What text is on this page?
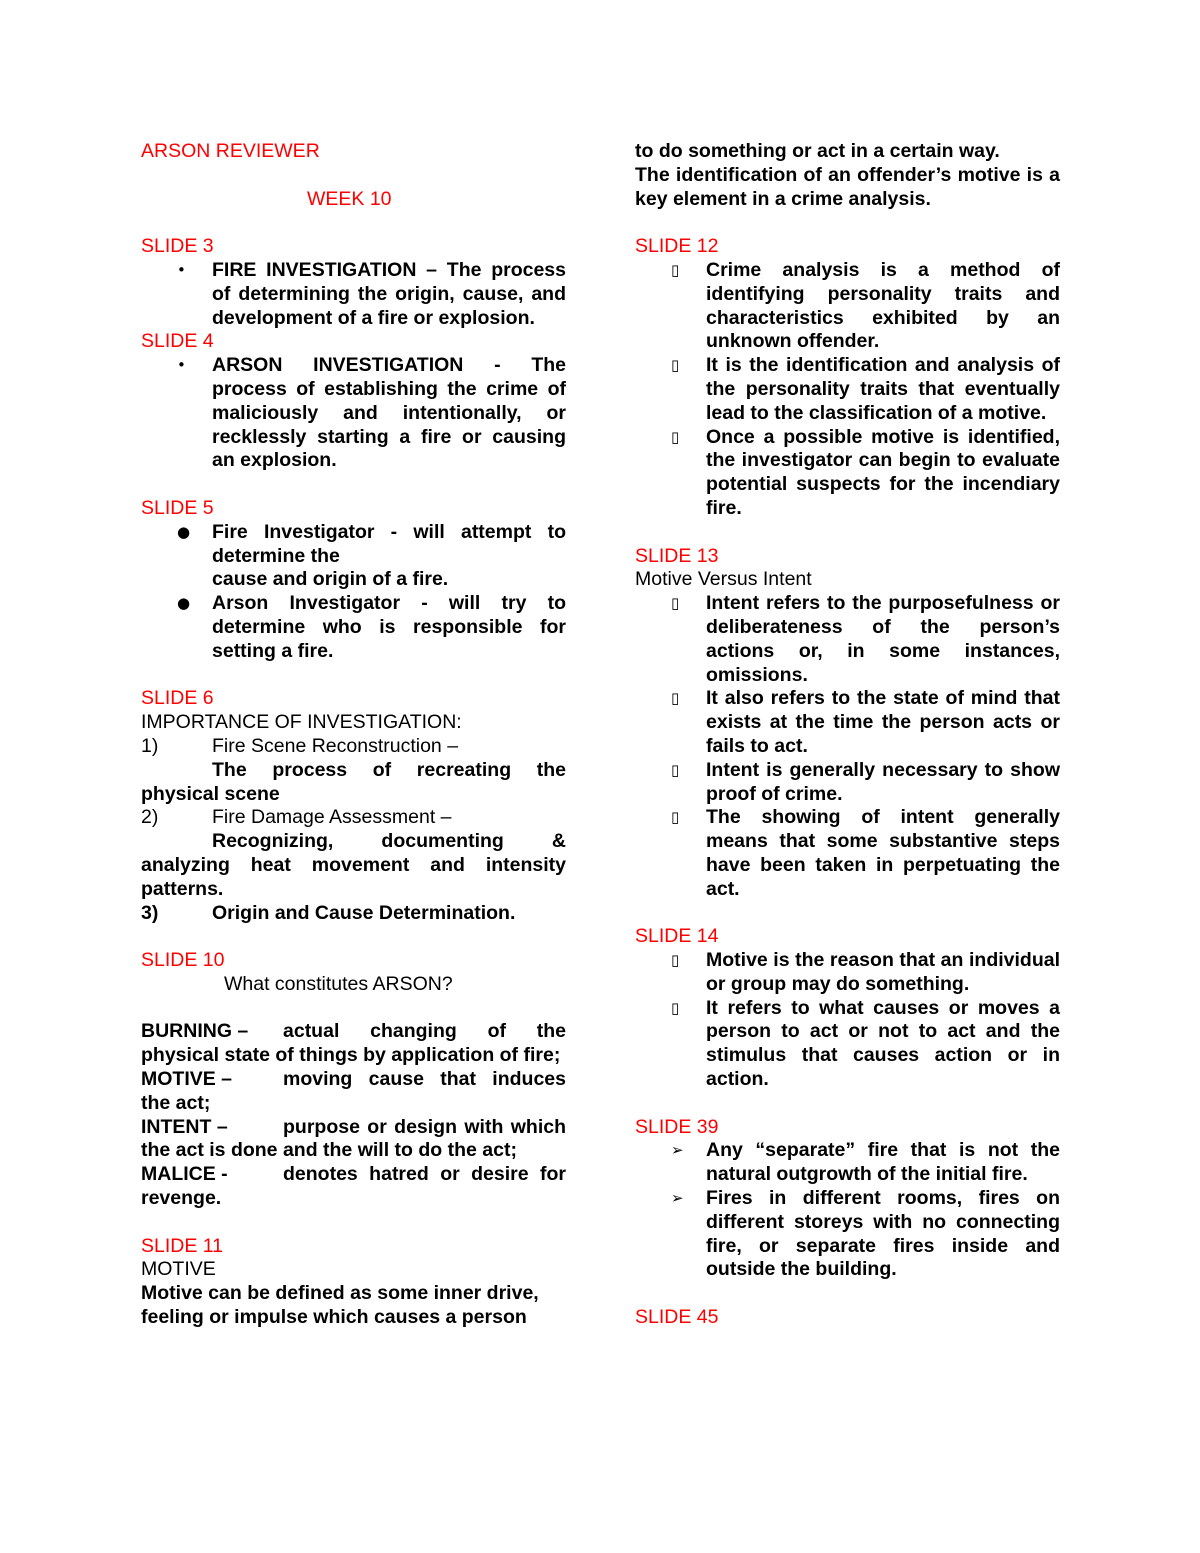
ARSON REVIEWER

WEEK 10

SLIDE 3

• FIRE INVESTIGATION – The process of determining the origin, cause, and development of a fire or explosion.

SLIDE 4

• ARSON INVESTIGATION - The process of establishing the crime of maliciously and intentionally, or recklessly starting a fire or causing an explosion.

SLIDE 5

● Fire Investigator - will attempt to determine the
cause and origin of a fire.
● Arson Investigator - will try to determine who is responsible for setting a fire.

SLIDE 6

IMPORTANCE OF INVESTIGATION:

1)	Fire Scene Reconstruction –

The process of recreating the physical scene

2)	Fire Damage Assessment –

Recognizing, documenting & analyzing heat movement and intensity patterns.

3)	Origin and Cause Determination.

SLIDE 10

What constitutes ARSON?

BURNING – actual changing of the physical state of things by application of fire;

MOTIVE –	moving cause that induces the act;

INTENT –	purpose or design with which the act is done and the will to do the act;

MALICE -	denotes hatred or desire for revenge.

SLIDE 11

MOTIVE

Motive can be defined as some inner drive, feeling or impulse which causes a person

to do something or act in a certain way.

The identification of an offender’s motive is a key element in a crime analysis.

SLIDE 12

▯ Crime analysis is a method of identifying personality traits and characteristics exhibited by an unknown offender.
▯ It is the identification and analysis of the personality traits that eventually lead to the classification of a motive.
▯ Once a possible motive is identified, the investigator can begin to evaluate potential suspects for the incendiary fire.

SLIDE 13

Motive Versus Intent

▯ Intent refers to the purposefulness or deliberateness of the person’s actions or, in some instances, omissions.
▯ It also refers to the state of mind that exists at the time the person acts or fails to act.
▯ Intent is generally necessary to show proof of crime.
▯ The showing of intent generally means that some substantive steps have been taken in perpetuating the act.

SLIDE 14

▯ Motive is the reason that an individual or group may do something.
▯ It refers to what causes or moves a person to act or not to act and the stimulus that causes action or in action.

SLIDE 39

➢ Any “separate” fire that is not the natural outgrowth of the initial fire.
➢ Fires in different rooms, fires on different storeys with no connecting fire, or separate fires inside and outside the building.

SLIDE 45
